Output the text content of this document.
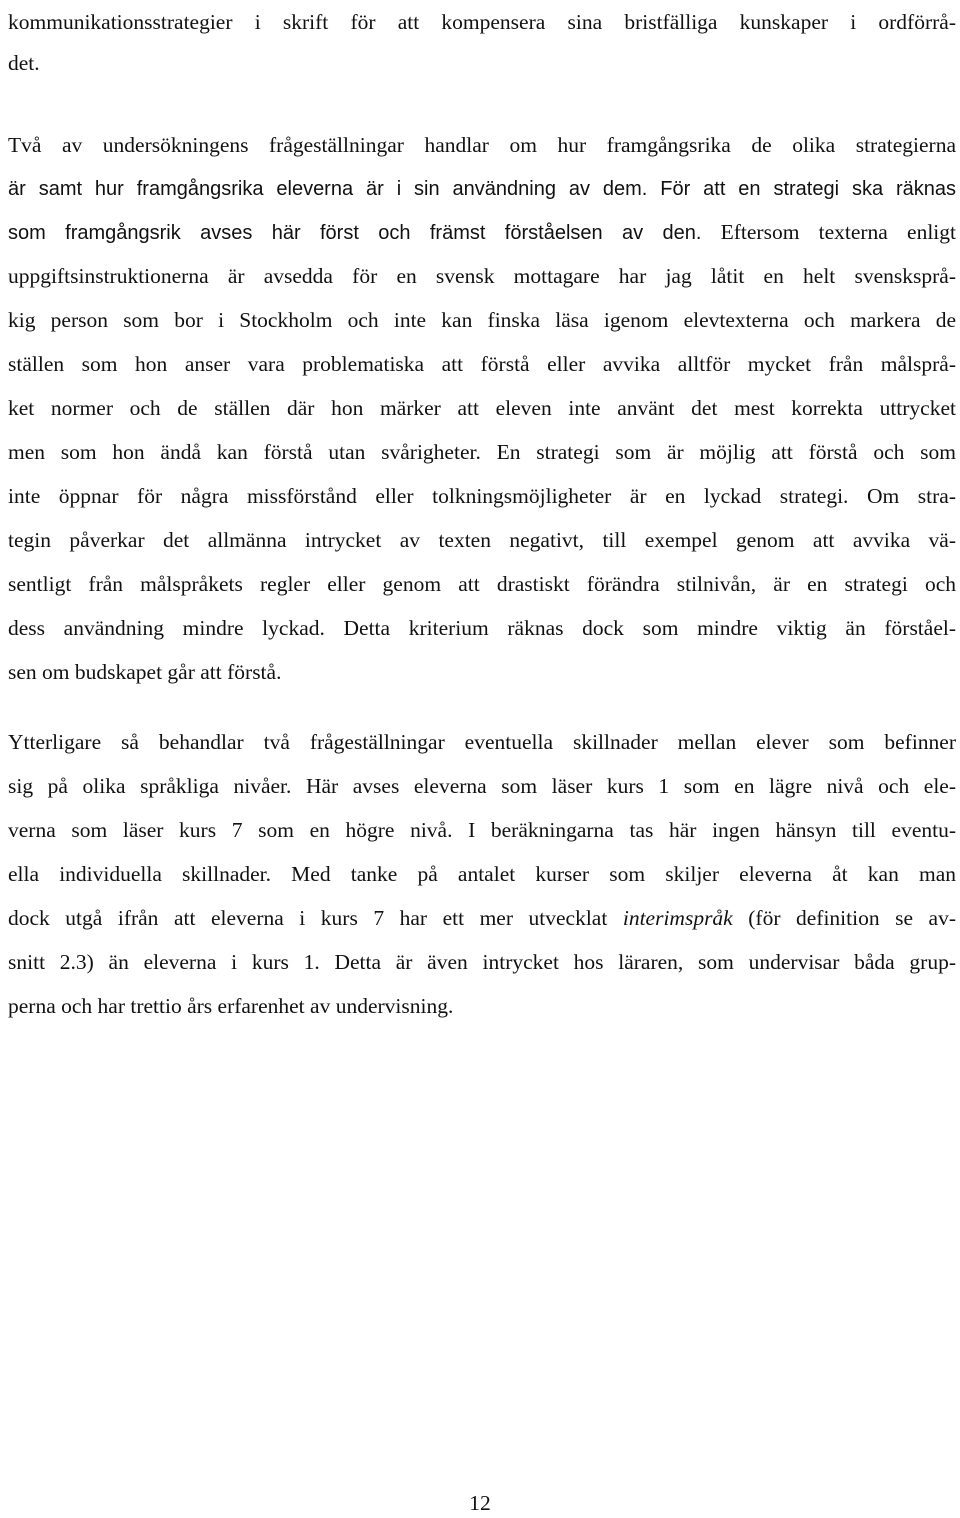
kommunikationsstrategier i skrift för att kompensera sina bristfälliga kunskaper i ordförrå-
det.
Två av undersökningens frågeställningar handlar om hur framgångsrika de olika strategierna
är samt hur framgångsrika eleverna är i sin användning av dem. För att en strategi ska räknas
som framgångsrik avses här först och främst förståelsen av den. Eftersom texterna enligt
uppgiftsinstruktionerna är avsedda för en svensk mottagare har jag låtit en helt svensksprå-
kig person som bor i Stockholm och inte kan finska läsa igenom elevtexterna och markera de
ställen som hon anser vara problematiska att förstå eller avvika alltför mycket från målsprå-
ket normer och de ställen där hon märker att eleven inte använt det mest korrekta uttrycket
men som hon ändå kan förstå utan svårigheter. En strategi som är möjlig att förstå och som
inte öppnar för några missförstånd eller tolkningsmöjligheter är en lyckad strategi. Om stra-
tegin påverkar det allmänna intrycket av texten negativt, till exempel genom att avvika vä-
sentligt från målspråkets regler eller genom att drastiskt förändra stilnivån, är en strategi och
dess användning mindre lyckad. Detta kriterium räknas dock som mindre viktig än förståel-
sen om budskapet går att förstå.
Ytterligare så behandlar två frågeställningar eventuella skillnader mellan elever som befinner
sig på olika språkliga nivåer. Här avses eleverna som läser kurs 1 som en lägre nivå och ele-
verna som läser kurs 7 som en högre nivå. I beräkningarna tas här ingen hänsyn till eventu-
ella individuella skillnader. Med tanke på antalet kurser som skiljer eleverna åt kan man
dock utgå ifrån att eleverna i kurs 7 har ett mer utvecklat interimspråk (för definition se av-
snitt 2.3) än eleverna i kurs 1. Detta är även intrycket hos läraren, som undervisar båda grup-
perna och har trettio års erfarenhet av undervisning.
12
